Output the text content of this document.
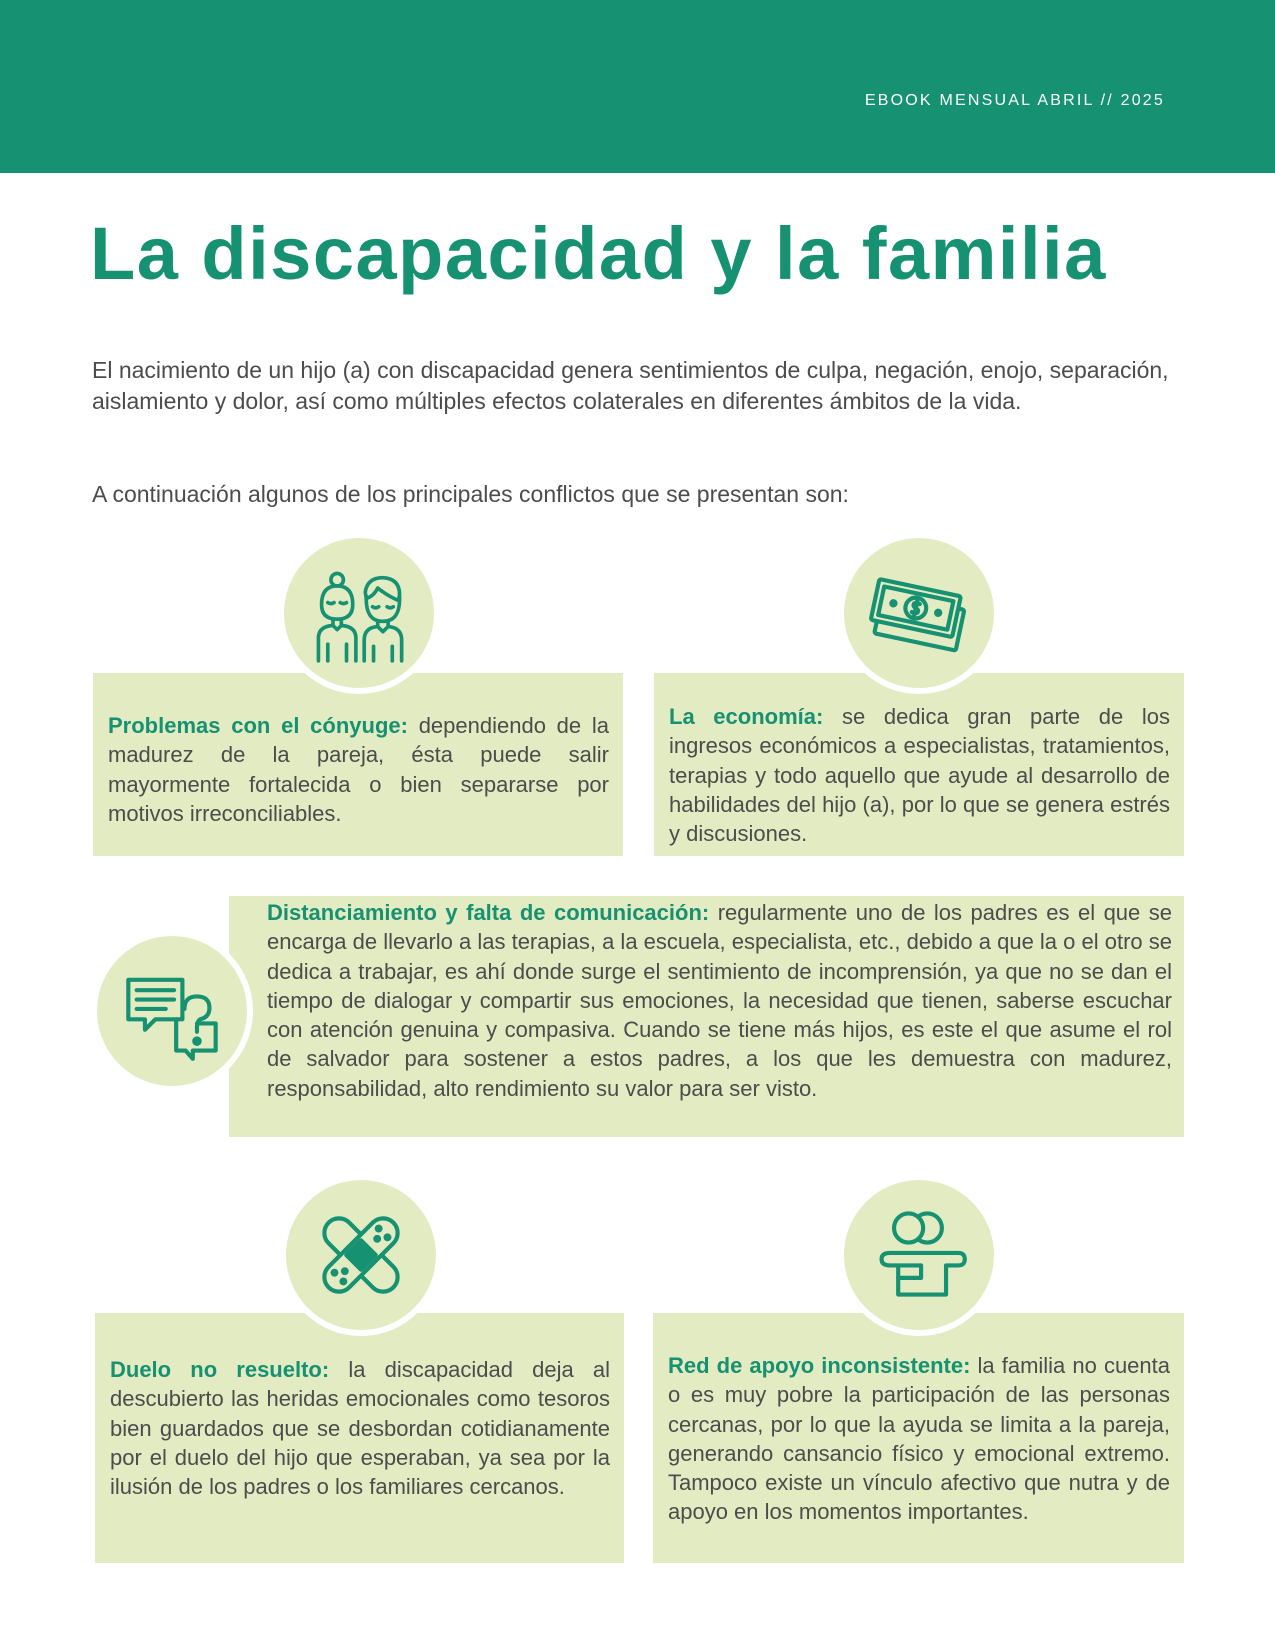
EBOOK MENSUAL ABRIL // 2025
La discapacidad y la familia

El nacimiento de un hijo (a) con discapacidad genera sentimientos de culpa, negación, enojo, separación, aislamiento y dolor, así como múltiples efectos colaterales en diferentes ámbitos de la vida.

A continuación algunos de los principales conflictos que se presentan son:

Problemas con el cónyuge: dependiendo de la madurez de la pareja, ésta puede salir mayormente fortalecida o bien separarse por motivos irreconciliables.
La economía: se dedica gran parte de los ingresos económicos a especialistas, tratamientos, terapias y todo aquello que ayude al desarrollo de habilidades del hijo (a), por lo que se genera estrés y discusiones.
Distanciamiento y falta de comunicación: regularmente uno de los padres es el que se encarga de llevarlo a las terapias, a la escuela, especialista, etc., debido a que la o el otro se dedica a trabajar, es ahí donde surge el sentimiento de incomprensión, ya que no se dan el tiempo de dialogar y compartir sus emociones, la necesidad que tienen, saberse escuchar con atención genuina y compasiva. Cuando se tiene más hijos, es este el que asume el rol de salvador para sostener a estos padres, a los que les demuestra con madurez, responsabilidad, alto rendimiento su valor para ser visto.
Duelo no resuelto: la discapacidad deja al descubierto las heridas emocionales como tesoros bien guardados que se desbordan cotidianamente por el duelo del hijo que esperaban, ya sea por la ilusión de los padres o los familiares cercanos.
Red de apoyo inconsistente: la familia no cuenta o es muy pobre la participación de las personas cercanas, por lo que la ayuda se limita a la pareja, generando cansancio físico y emocional extremo. Tampoco existe un vínculo afectivo que nutra y de apoyo en los momentos importantes.
